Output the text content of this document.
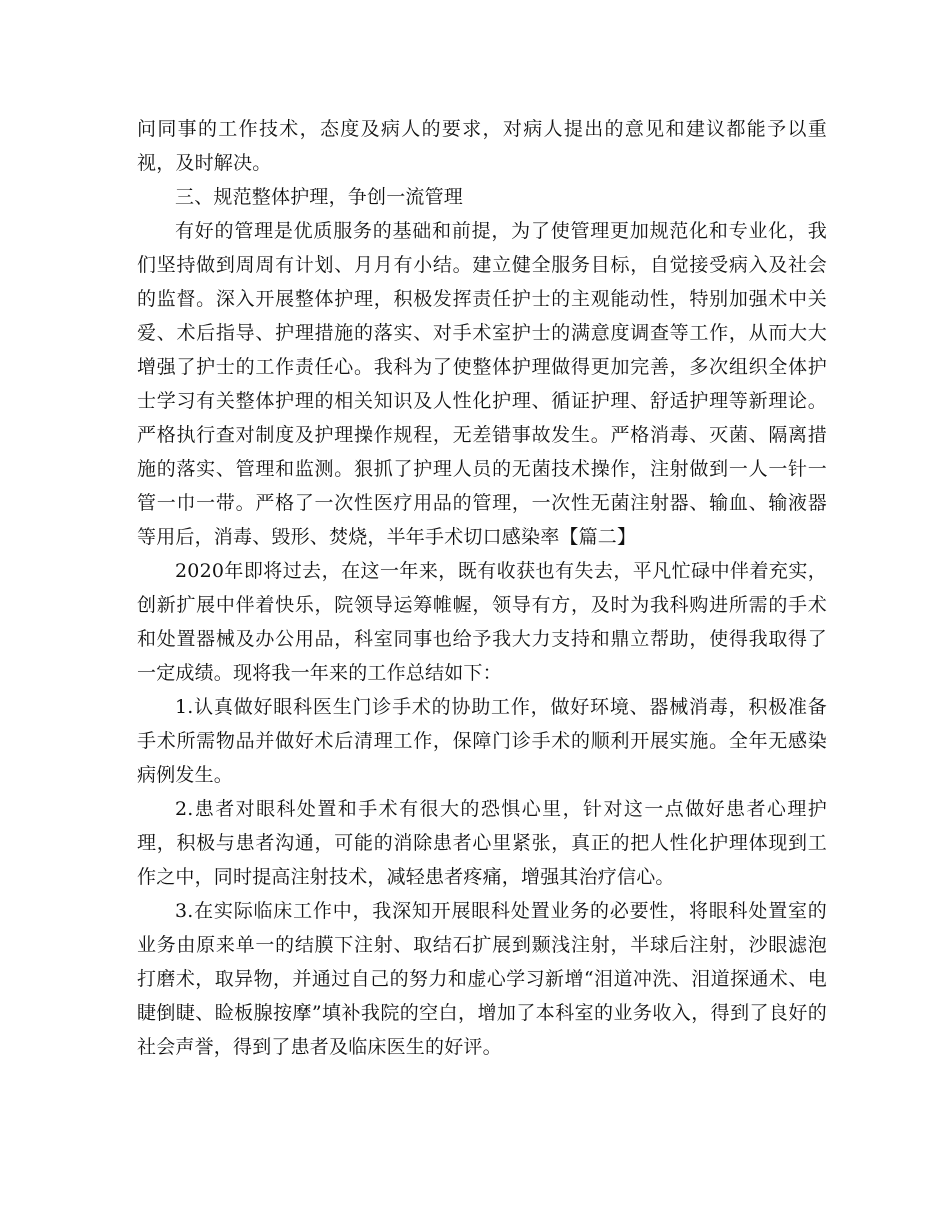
问同事的工作技术，态度及病人的要求，对病人提出的意见和建议都能予以重视，及时解决。

三、规范整体护理，争创一流管理

有好的管理是优质服务的基础和前提，为了使管理更加规范化和专业化，我们坚持做到周周有计划、月月有小结。建立健全服务目标，自觉接受病入及社会的监督。深入开展整体护理，积极发挥责任护士的主观能动性，特别加强术中关爱、术后指导、护理措施的落实、对手术室护士的满意度调查等工作，从而大大增强了护士的工作责任心。我科为了使整体护理做得更加完善，多次组织全体护士学习有关整体护理的相关知识及人性化护理、循证护理、舒适护理等新理论。严格执行查对制度及护理操作规程，无差错事故发生。严格消毒、灭菌、隔离措施的落实、管理和监测。狠抓了护理人员的无菌技术操作，注射做到一人一针一管一巾一带。严格了一次性医疗用品的管理，一次性无菌注射器、输血、输液器等用后，消毒、毁形、焚烧，半年手术切口感染率【篇二】

2020年即将过去，在这一年来，既有收获也有失去，平凡忙碌中伴着充实，创新扩展中伴着快乐，院领导运筹帷幄，领导有方，及时为我科购进所需的手术和处置器械及办公用品，科室同事也给予我大力支持和鼎立帮助，使得我取得了一定成绩。现将我一年来的工作总结如下：

1.认真做好眼科医生门诊手术的协助工作，做好环境、器械消毒，积极准备手术所需物品并做好术后清理工作，保障门诊手术的顺利开展实施。全年无感染病例发生。

2.患者对眼科处置和手术有很大的恐惧心里，针对这一点做好患者心理护理，积极与患者沟通，可能的消除患者心里紧张，真正的把人性化护理体现到工作之中，同时提高注射技术，减轻患者疼痛，增强其治疗信心。

3.在实际临床工作中，我深知开展眼科处置业务的必要性，将眼科处置室的业务由原来单一的结膜下注射、取结石扩展到颞浅注射，半球后注射，沙眼滤泡打磨术，取异物，并通过自己的努力和虚心学习新增“泪道冲洗、泪道探通术、电睫倒睫、睑板腺按摩”填补我院的空白，增加了本科室的业务收入，得到了良好的社会声誉，得到了患者及临床医生的好评。
